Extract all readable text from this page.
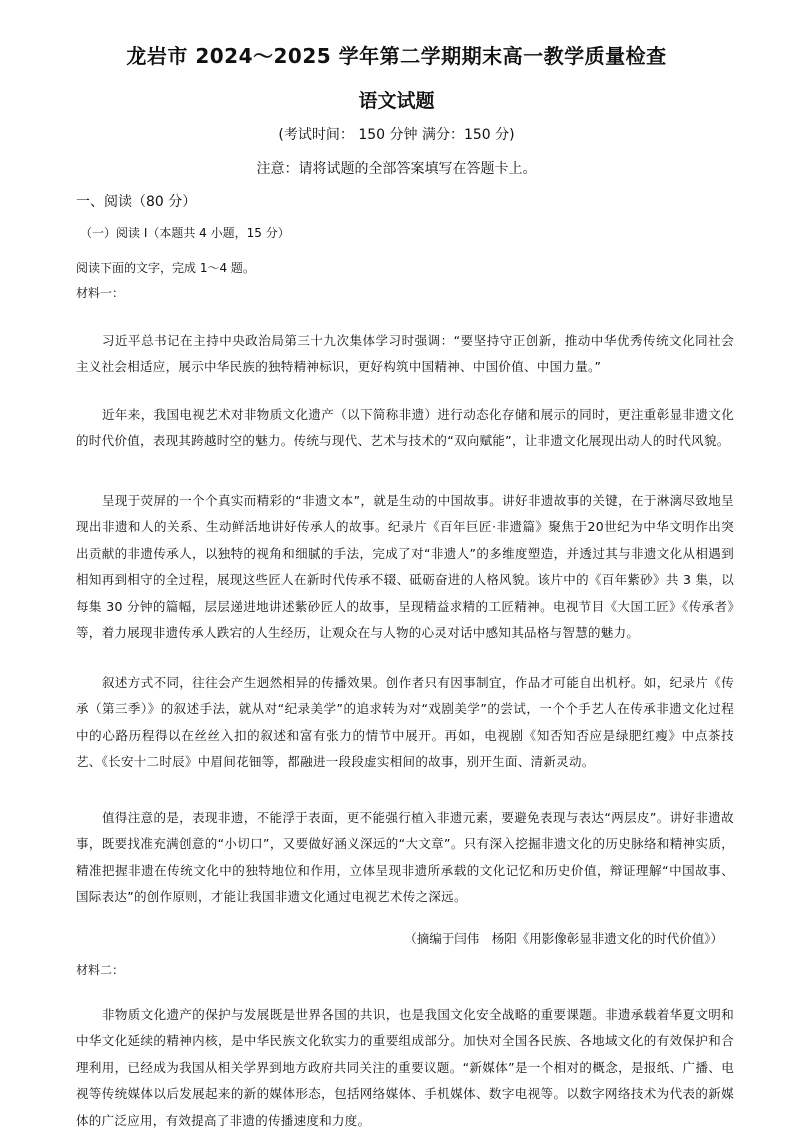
龙岩市 2024～2025 学年第二学期期末高一教学质量检查
语文试题
(考试时间： 150 分钟 满分：150 分)
注意：请将试题的全部答案填写在答题卡上。
一、阅读（80 分）
（一）阅读 I（本题共 4 小题，15 分）
阅读下面的文字，完成 1～4 题。
材料一：

习近平总书记在主持中央政治局第三十九次集体学习时强调：“要坚持守正创新，推动中华优秀传统文化同社会主义社会相适应，展示中华民族的独特精神标识，更好构筑中国精神、中国价值、中国力量。”

近年来，我国电视艺术对非物质文化遗产（以下简称非遗）进行动态化存储和展示的同时，更注重彰显非遗文化的时代价值，表现其跨越时空的魅力。传统与现代、艺术与技术的“双向赋能”，让非遗文化展现出动人的时代风貌。

呈现于荧屏的一个个真实而精彩的“非遗文本”，就是生动的中国故事。讲好非遗故事的关键，在于淋漓尽致地呈现出非遗和人的关系、生动鲜活地讲好传承人的故事。纪录片《百年巨匠·非遗篇》聚焦于20世纪为中华文明作出突出贡献的非遗传承人，以独特的视角和细腻的手法，完成了对“非遗人”的多维度塑造，并透过其与非遗文化从相遇到相知再到相守的全过程，展现这些匠人在新时代传承不辍、砥砺奋进的人格风貌。该片中的《百年紫砂》共 3 集，以每集 30 分钟的篇幅，层层递进地讲述紫砂匠人的故事，呈现精益求精的工匠精神。电视节目《大国工匠》《传承者》等，着力展现非遗传承人跌宕的人生经历，让观众在与人物的心灵对话中感知其品格与智慧的魅力。

叙述方式不同，往往会产生迥然相异的传播效果。创作者只有因事制宜，作品才可能自出机杼。如，纪录片《传承（第三季）》的叙述手法，就从对“纪录美学”的追求转为对“戏剧美学”的尝试，一个个手艺人在传承非遗文化过程中的心路历程得以在丝丝入扣的叙述和富有张力的情节中展开。再如，电视剧《知否知否应是绿肥红瘦》中点茶技艺、《长安十二时辰》中眉间花钿等，都融进一段段虚实相间的故事，别开生面、清新灵动。

值得注意的是，表现非遗，不能浮于表面，更不能强行植入非遗元素，要避免表现与表达“两层皮”。讲好非遗故事，既要找准充满创意的“小切口”，又要做好涵义深远的“大文章”。只有深入挖掘非遗文化的历史脉络和精神实质，精准把握非遗在传统文化中的独特地位和作用，立体呈现非遗所承载的文化记忆和历史价值，辩证理解“中国故事、国际表达”的创作原则，才能让我国非遗文化通过电视艺术传之深远。

（摘编于闫伟　杨阳《用影像彰显非遗文化的时代价值》）
材料二：

非物质文化遗产的保护与发展既是世界各国的共识，也是我国文化安全战略的重要课题。非遗承载着华夏文明和中华文化延续的精神内核，是中华民族文化软实力的重要组成部分。加快对全国各民族、各地域文化的有效保护和合理利用，已经成为我国从相关学界到地方政府共同关注的重要议题。“新媒体”是一个相对的概念，是报纸、广播、电视等传统媒体以后发展起来的新的媒体形态，包括网络媒体、手机媒体、数字电视等。以数字网络技术为代表的新媒体的广泛应用，有效提高了非遗的传播速度和力度。
